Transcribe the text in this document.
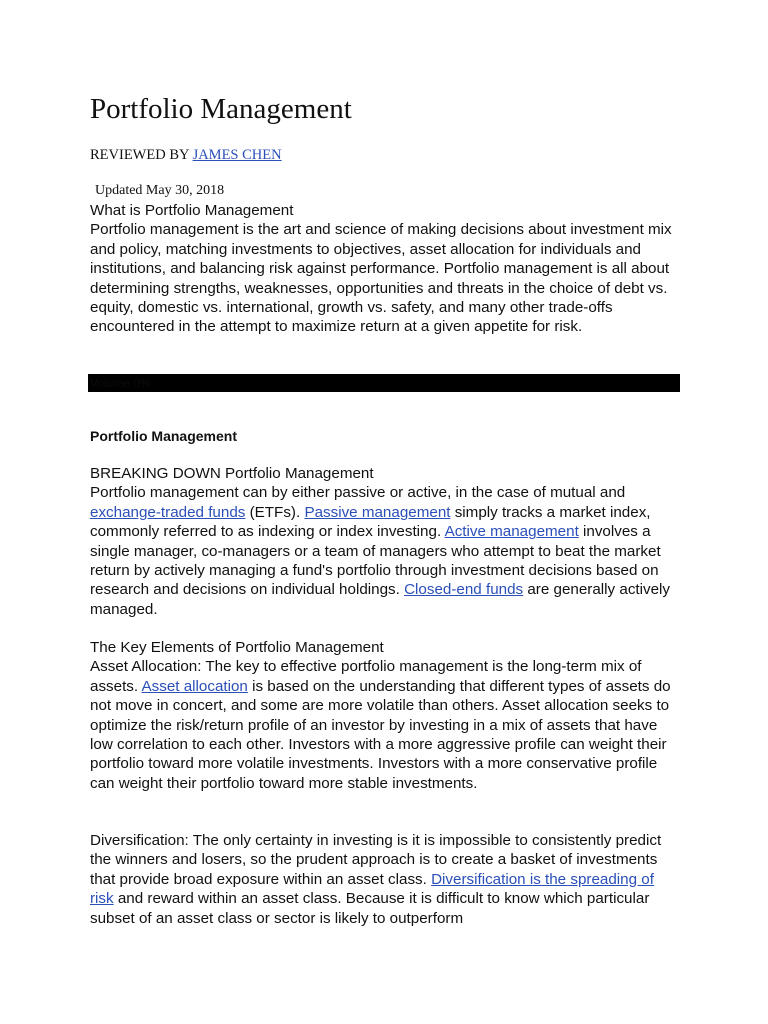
Portfolio Management
REVIEWED BY JAMES CHEN
Updated May 30, 2018

What is Portfolio Management

Portfolio management is the art and science of making decisions about investment mix and policy, matching investments to objectives, asset allocation for individuals and institutions, and balancing risk against performance. Portfolio management is all about determining strengths, weaknesses, opportunities and threats in the choice of debt vs. equity, domestic vs. international, growth vs. safety, and many other trade-offs encountered in the attempt to maximize return at a given appetite for risk.

Volume 0%
Portfolio Management

BREAKING DOWN Portfolio Management

Portfolio management can by either passive or active, in the case of mutual and exchange-traded funds (ETFs). Passive management simply tracks a market index, commonly referred to as indexing or index investing. Active management involves a single manager, co-managers or a team of managers who attempt to beat the market return by actively managing a fund's portfolio through investment decisions based on research and decisions on individual holdings. Closed-end funds are generally actively managed.

The Key Elements of Portfolio Management

Asset Allocation: The key to effective portfolio management is the long-term mix of assets. Asset allocation is based on the understanding that different types of assets do not move in concert, and some are more volatile than others. Asset allocation seeks to optimize the risk/return profile of an investor by investing in a mix of assets that have low correlation to each other. Investors with a more aggressive profile can weight their portfolio toward more volatile investments. Investors with a more conservative profile can weight their portfolio toward more stable investments.

Diversification: The only certainty in investing is it is impossible to consistently predict the winners and losers, so the prudent approach is to create a basket of investments that provide broad exposure within an asset class. Diversification is the spreading of risk and reward within an asset class. Because it is difficult to know which particular subset of an asset class or sector is likely to outperform
